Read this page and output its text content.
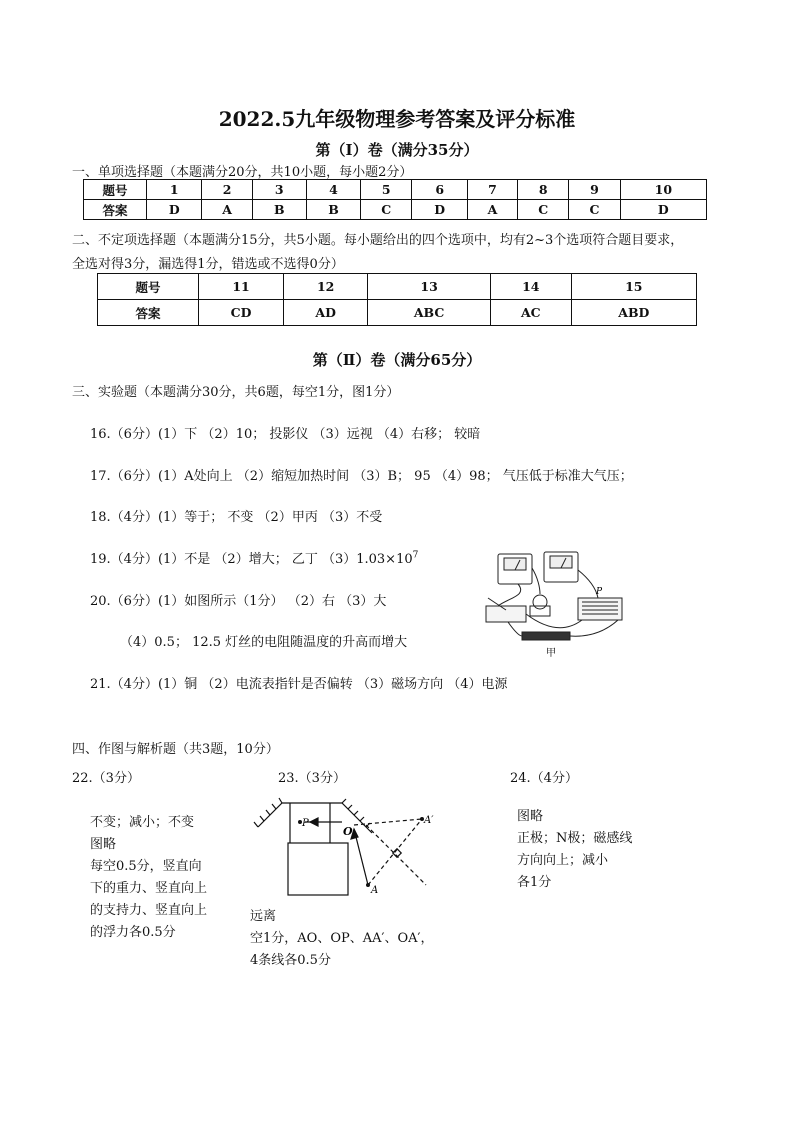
2022.5九年级物理参考答案及评分标准
第（I）卷（满分35分）
一、单项选择题（本题满分20分，共10小题，每小题2分）
题号	1	2	3	4	5	6	7	8	9	10
答案	D	A	B	B	C	D	A	C	C	D
二、不定项选择题（本题满分15分，共5小题。每小题给出的四个选项中，均有2~3个选项符合题目要求，
全选对得3分，漏选得1分，错选或不选得0分）
题号	11	12	13	14	15
答案	CD	AD	ABC	AC	ABD
第（Ⅱ）卷（满分65分）
三、实验题（本题满分30分，共6题，每空1分，图1分）
16.（6分）(1）下 （2）10； 投影仪 （3）远视 （4）右移； 较暗
17.（6分）(1）A处向上 （2）缩短加热时间 （3）B； 95 （4）98； 气压低于标准大气压；
18.（4分）(1）等于； 不变 （2）甲丙 （3）不受
19.（4分）(1）不是 （2）增大； 乙丁 $(3)1.03\times 10^7$
20.（6分）(1）如图所示（1分） （2）右 （3）大
（4）0.5； 12.5 灯丝的电阻随温度的升高而增大
21.（4分）(1）铜 （2）电流表指针是否偏转 （3）磁场方向 （4）电源
P
甲
四、作图与解析题（共3题，10分）
22.（3分）
不变；减小；不变
图略
每空0.5分，竖直向
下的重力、竖直向上
的支持力、竖直向上
的浮力各0.5分
23.（3分）
P
O
A′
A
远离
空1分，AO、OP、AA′、OA′，
4条线各0.5分
24.（4分）
图略
正极；N极；磁感线
方向向上；减小
各1分
